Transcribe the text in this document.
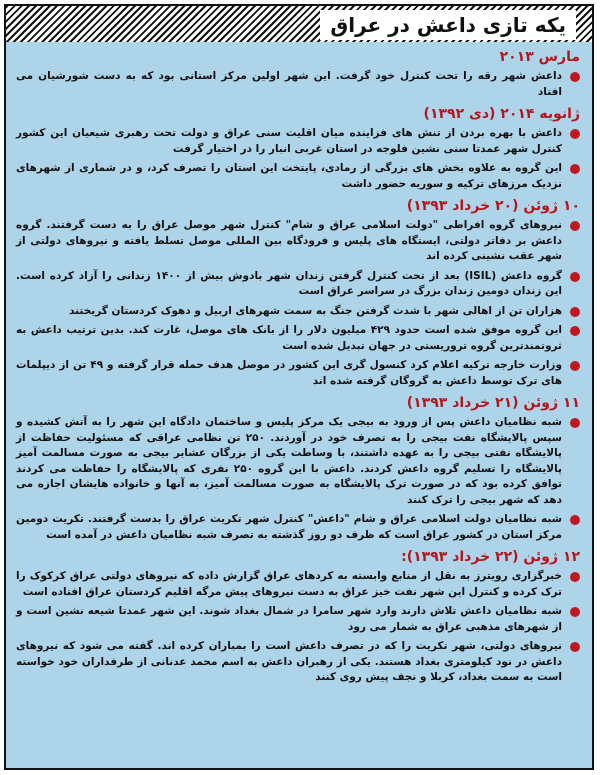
یکه تازی داعش در عراق
مارس ۲۰۱۳
داعش شهر رقه را تحت کنترل خود گرفت. این شهر اولین مرکز استانی بود که به دست شورشیان می افتاد
ژانویه ۲۰۱۴ (دی ۱۳۹۲)
داعش با بهره بردن از تنش های فزاینده میان اقلیت سنی عراق و دولت تحت رهبری شیعیان این کشور کنترل شهر عمدتا سنی نشین فلوجه در استان غربی انبار را در اختیار گرفت
این گروه به علاوه بخش های بزرگی از رمادی، پایتخت این استان را تصرف کرد، و در شماری از شهرهای نزدیک مرزهای ترکیه و سوریه حضور داشت
۱۰ ژوئن (۲۰ خرداد ۱۳۹۳)
نیروهای گروه افراطی "دولت اسلامی عراق و شام" کنترل شهر موصل عراق را به دست گرفتند. گروه داعش بر دفاتر دولتی، ایستگاه های پلیس و فرودگاه بین المللی موصل تسلط یافته و نیروهای دولتی از شهر عقب نشینی کرده اند
گروه داعش (ISIL) بعد از تحت کنترل گرفتن زندان شهر بادوش بیش از ۱۴۰۰ زندانی را آزاد کرده است. این زندان دومین زندان بزرگ در سراسر عراق است
هزاران تن از اهالی شهر با شدت گرفتن جنگ به سمت شهرهای اربیل و دهوک کردستان گریختند
این گروه موفق شده است حدود ۴۲۹ میلیون دلار را از بانک های موصل، غارت کند. بدین ترتیب داعش به ثروتمندترین گروه تروریستی در جهان تبدیل شده است
وزارت خارجه ترکیه اعلام کرد کنسول گری این کشور در موصل هدف حمله قرار گرفته و ۴۹ تن از دیپلمات های ترک توسط داعش به گروگان گرفته شده اند
۱۱ ژوئن (۲۱ خرداد ۱۳۹۳)
شبه نظامیان داعش پس از ورود به بیجی یک مرکز پلیس و ساختمان دادگاه این شهر را به آتش کشیده و سپس پالایشگاه نفت بیجی را به تصرف خود در آوردند. ۲۵۰ تن نظامی عراقی که مسئولیت حفاظت از پالایشگاه نفتی بیجی را به عهده داشتند، با وساطت یکی از بزرگان عشایر بیجی به صورت مسالمت آمیز پالایشگاه را تسلیم گروه داعش کردند. داعش با این گروه ۲۵۰ نفری که پالایشگاه را حفاظت می کردند توافق کرده بود که در صورت ترک پالایشگاه به صورت مسالمت آمیز، به آنها و خانواده هایشان اجازه می دهد که شهر بیجی را ترک کنند
شبه نظامیان دولت اسلامی عراق و شام "داعش" کنترل شهر تکریت عراق را بدست گرفتند. تکریت دومین مرکز استان در کشور عراق است که ظرف دو روز گذشته به تصرف شبه نظامیان داعش در آمده است
۱۲ ژوئن (۲۲ خرداد ۱۳۹۳):
خبرگزاری رویترز به نقل از منابع وابسته به کردهای عراق گزارش داده که نیروهای دولتی عراق کرکوک را ترک کرده و کنترل این شهر نفت خیز عراق به دست نیروهای پیش مرگه اقلیم کردستان عراق افتاده است
شبه نظامیان داعش تلاش دارند وارد شهر سامرا در شمال بغداد شوند. این شهر عمدتا شیعه نشین است و از شهرهای مذهبی عراق به شمار می رود
نیروهای دولتی، شهر تکریت را که در تصرف داعش است را بمباران کرده اند. گفته می شود که نیروهای داعش در نود کیلومتری بغداد هستند. یکی از رهبران داعش به اسم محمد عدنانی از طرفداران خود خواسته است به سمت بغداد، کربلا و نجف پیش روی کنند
